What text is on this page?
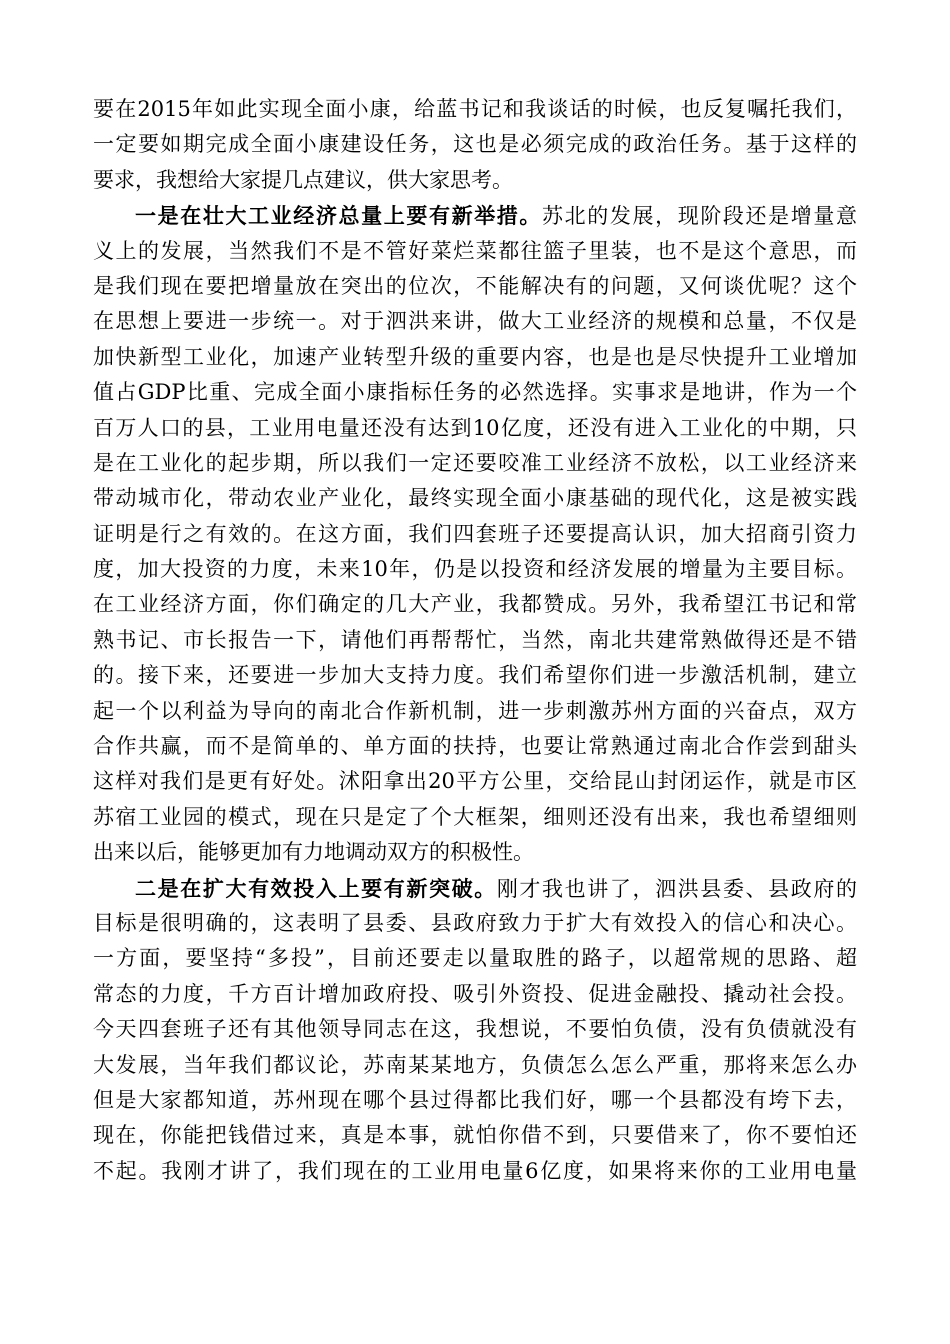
要在2015年如此实现全面小康，给蓝书记和我谈话的时候，也反复嘱托我们，
一定要如期完成全面小康建设任务，这也是必须完成的政治任务。基于这样的
要求，我想给大家提几点建议，供大家思考。
一是在壮大工业经济总量上要有新举措。苏北的发展，现阶段还是增量意
义上的发展，当然我们不是不管好菜烂菜都往篮子里装，也不是这个意思，而
是我们现在要把增量放在突出的位次，不能解决有的问题，又何谈优呢？这个
在思想上要进一步统一。对于泗洪来讲，做大工业经济的规模和总量，不仅是
加快新型工业化，加速产业转型升级的重要内容，也是也是尽快提升工业增加
值占GDP比重、完成全面小康指标任务的必然选择。实事求是地讲，作为一个
百万人口的县，工业用电量还没有达到10亿度，还没有进入工业化的中期，只
是在工业化的起步期，所以我们一定还要咬准工业经济不放松，以工业经济来
带动城市化，带动农业产业化，最终实现全面小康基础的现代化，这是被实践
证明是行之有效的。在这方面，我们四套班子还要提高认识，加大招商引资力
度，加大投资的力度，未来10年，仍是以投资和经济发展的增量为主要目标。
在工业经济方面，你们确定的几大产业，我都赞成。另外，我希望江书记和常
熟书记、市长报告一下，请他们再帮帮忙，当然，南北共建常熟做得还是不错
的。接下来，还要进一步加大支持力度。我们希望你们进一步激活机制，建立
起一个以利益为导向的南北合作新机制，进一步刺激苏州方面的兴奋点，双方
合作共赢，而不是简单的、单方面的扶持，也要让常熟通过南北合作尝到甜头
这样对我们是更有好处。沭阳拿出20平方公里，交给昆山封闭运作，就是市区
苏宿工业园的模式，现在只是定了个大框架，细则还没有出来，我也希望细则
出来以后，能够更加有力地调动双方的积极性。
二是在扩大有效投入上要有新突破。刚才我也讲了，泗洪县委、县政府的
目标是很明确的，这表明了县委、县政府致力于扩大有效投入的信心和决心。
一方面，要坚持“多投”，目前还要走以量取胜的路子，以超常规的思路、超
常态的力度，千方百计增加政府投、吸引外资投、促进金融投、撬动社会投。
今天四套班子还有其他领导同志在这，我想说，不要怕负债，没有负债就没有
大发展，当年我们都议论，苏南某某地方，负债怎么怎么严重，那将来怎么办
但是大家都知道，苏州现在哪个县过得都比我们好，哪一个县都没有垮下去，
现在，你能把钱借过来，真是本事，就怕你借不到，只要借来了，你不要怕还
不起。我刚才讲了，我们现在的工业用电量6亿度，如果将来你的工业用电量
